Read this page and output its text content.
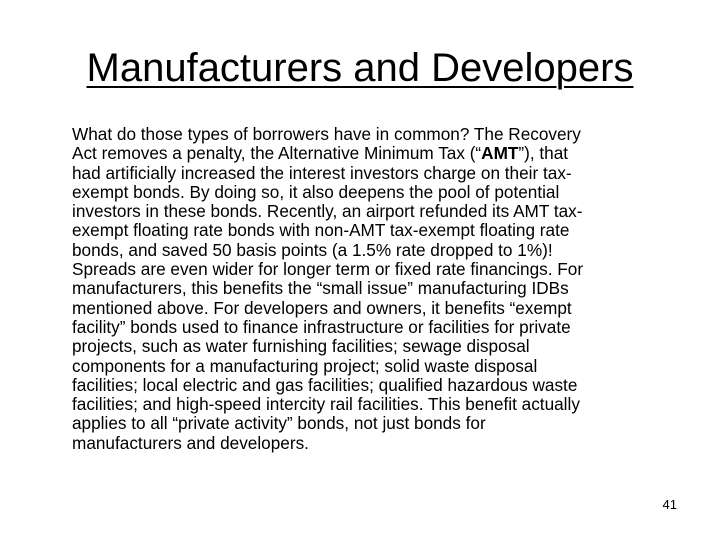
Manufacturers and Developers
What do those types of borrowers have in common? The Recovery
Act removes a penalty, the Alternative Minimum Tax (“AMT”), that
had artificially increased the interest investors charge on their tax-
exempt bonds. By doing so, it also deepens the pool of potential
investors in these bonds. Recently, an airport refunded its AMT tax-
exempt floating rate bonds with non-AMT tax-exempt floating rate
bonds, and saved 50 basis points (a 1.5% rate dropped to 1%)!
Spreads are even wider for longer term or fixed rate financings. For
manufacturers, this benefits the “small issue” manufacturing IDBs
mentioned above. For developers and owners, it benefits “exempt
facility” bonds used to finance infrastructure or facilities for private
projects, such as water furnishing facilities; sewage disposal
components for a manufacturing project; solid waste disposal
facilities; local electric and gas facilities; qualified hazardous waste
facilities; and high-speed intercity rail facilities. This benefit actually
applies to all “private activity” bonds, not just bonds for
manufacturers and developers.
41
